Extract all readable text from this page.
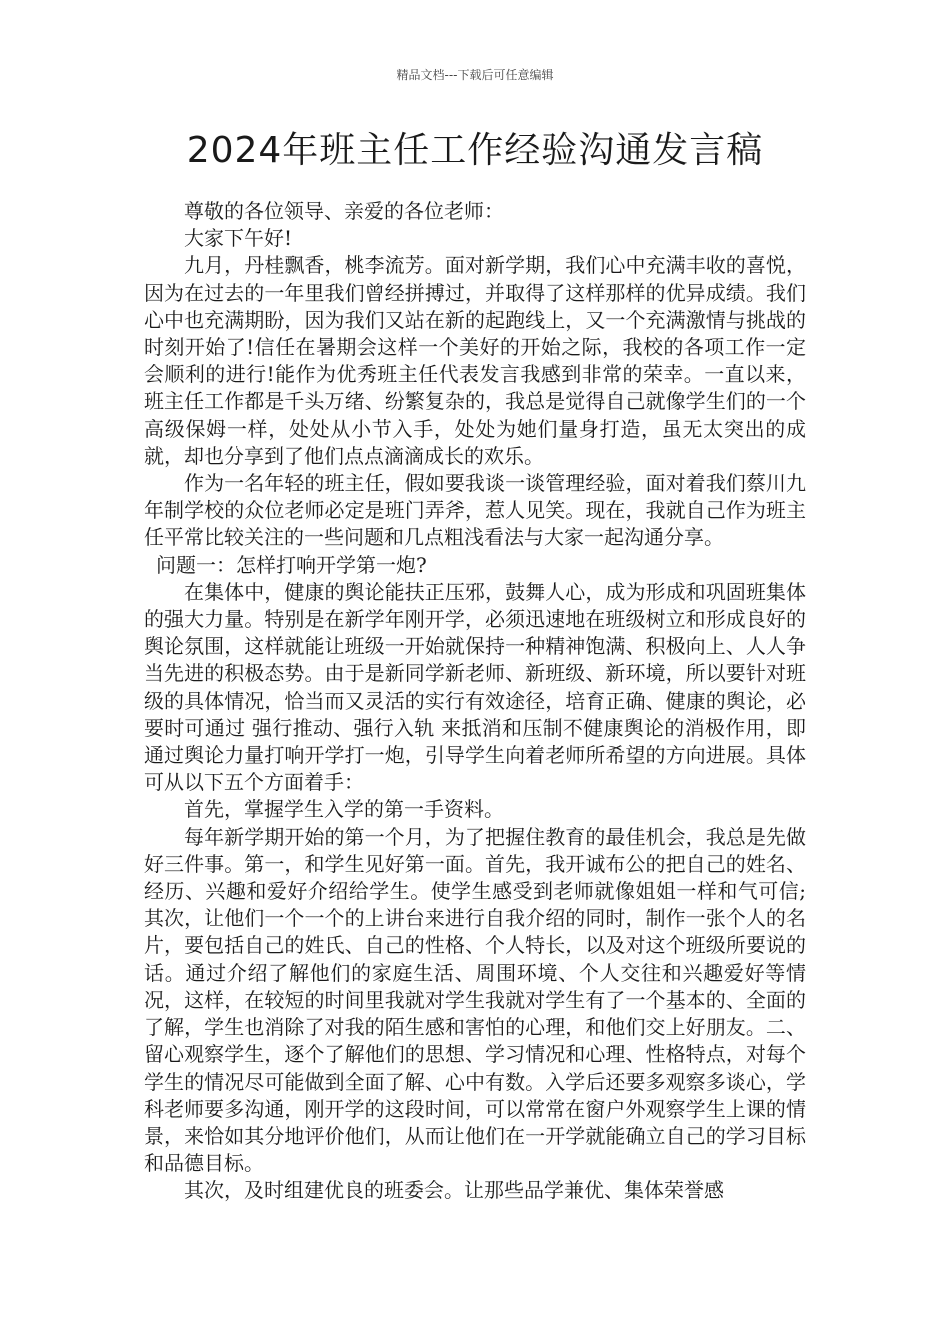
精品文档---下载后可任意编辑
2024年班主任工作经验沟通发言稿

尊敬的各位领导、亲爱的各位老师：

大家下午好!

九月，丹桂飘香，桃李流芳。面对新学期，我们心中充满丰收的喜悦，因为在过去的一年里我们曾经拼搏过，并取得了这样那样的优异成绩。我们心中也充满期盼，因为我们又站在新的起跑线上，又一个充满激情与挑战的时刻开始了!信任在暑期会这样一个美好的开始之际，我校的各项工作一定会顺利的进行!能作为优秀班主任代表发言我感到非常的荣幸。一直以来，班主任工作都是千头万绪、纷繁复杂的，我总是觉得自己就像学生们的一个高级保姆一样，处处从小节入手，处处为她们量身打造，虽无太突出的成就，却也分享到了他们点点滴滴成长的欢乐。

作为一名年轻的班主任，假如要我谈一谈管理经验，面对着我们蔡川九年制学校的众位老师必定是班门弄斧，惹人见笑。现在，我就自己作为班主任平常比较关注的一些问题和几点粗浅看法与大家一起沟通分享。

问题一：怎样打响开学第一炮?

在集体中，健康的舆论能扶正压邪，鼓舞人心，成为形成和巩固班集体的强大力量。特别是在新学年刚开学，必须迅速地在班级树立和形成良好的舆论氛围，这样就能让班级一开始就保持一种精神饱满、积极向上、人人争当先进的积极态势。由于是新同学新老师、新班级、新环境，所以要针对班级的具体情况，恰当而又灵活的实行有效途径，培育正确、健康的舆论，必要时可通过 强行推动、强行入轨 来抵消和压制不健康舆论的消极作用，即通过舆论力量打响开学打一炮，引导学生向着老师所希望的方向进展。具体可从以下五个方面着手：

首先，掌握学生入学的第一手资料。

每年新学期开始的第一个月，为了把握住教育的最佳机会，我总是先做好三件事。第一，和学生见好第一面。首先，我开诚布公的把自己的姓名、经历、兴趣和爱好介绍给学生。使学生感受到老师就像姐姐一样和气可信;其次，让他们一个一个的上讲台来进行自我介绍的同时，制作一张个人的名片，要包括自己的姓氏、自己的性格、个人特长，以及对这个班级所要说的话。通过介绍了解他们的家庭生活、周围环境、个人交往和兴趣爱好等情况，这样，在较短的时间里我就对学生我就对学生有了一个基本的、全面的了解，学生也消除了对我的陌生感和害怕的心理，和他们交上好朋友。二、留心观察学生，逐个了解他们的思想、学习情况和心理、性格特点，对每个学生的情况尽可能做到全面了解、心中有数。入学后还要多观察多谈心，学科老师要多沟通，刚开学的这段时间，可以常常在窗户外观察学生上课的情景，来恰如其分地评价他们，从而让他们在一开学就能确立自己的学习目标和品德目标。

其次，及时组建优良的班委会。让那些品学兼优、集体荣誉感
